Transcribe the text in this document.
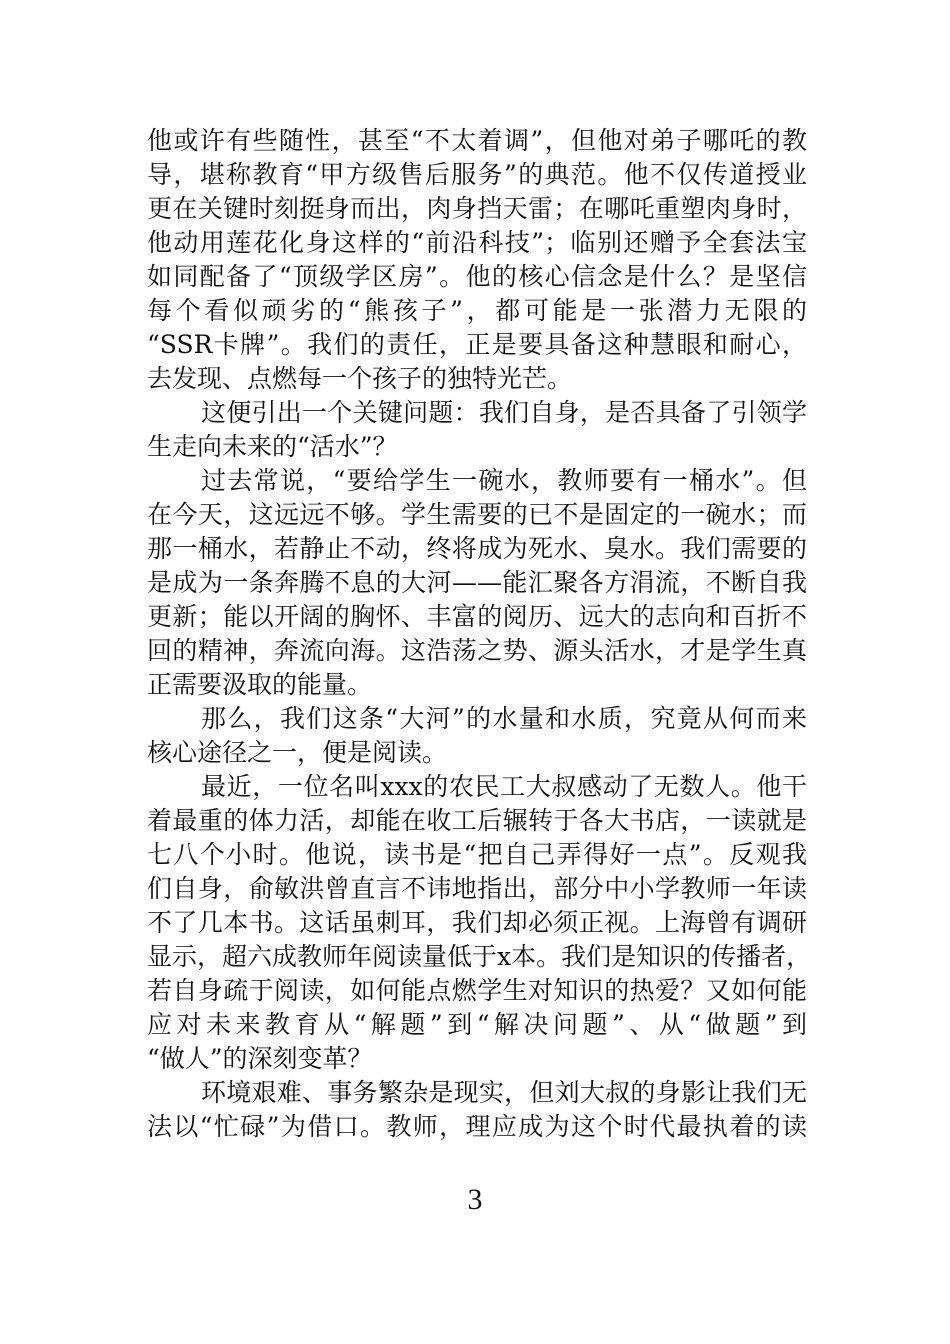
他或许有些随性，甚至“不太着调”，但他对弟子哪吒的教
导，堪称教育“甲方级售后服务”的典范。他不仅传道授业
更在关键时刻挺身而出，肉身挡天雷；在哪吒重塑肉身时，
他动用莲花化身这样的“前沿科技”；临别还赠予全套法宝
如同配备了“顶级学区房”。他的核心信念是什么？是坚信
每个看似顽劣的“熊孩子”，都可能是一张潜力无限的
“SSR卡牌”。我们的责任，正是要具备这种慧眼和耐心，
去发现、点燃每一个孩子的独特光芒。
这便引出一个关键问题：我们自身，是否具备了引领学
生走向未来的“活水”？
过去常说，“要给学生一碗水，教师要有一桶水”。但
在今天，这远远不够。学生需要的已不是固定的一碗水；而
那一桶水，若静止不动，终将成为死水、臭水。我们需要的
是成为一条奔腾不息的大河——能汇聚各方涓流，不断自我
更新；能以开阔的胸怀、丰富的阅历、远大的志向和百折不
回的精神，奔流向海。这浩荡之势、源头活水，才是学生真
正需要汲取的能量。
那么，我们这条“大河”的水量和水质，究竟从何而来
核心途径之一，便是阅读。
最近，一位名叫xxx的农民工大叔感动了无数人。他干
着最重的体力活，却能在收工后辗转于各大书店，一读就是
七八个小时。他说，读书是“把自己弄得好一点”。反观我
们自身，俞敏洪曾直言不讳地指出，部分中小学教师一年读
不了几本书。这话虽刺耳，我们却必须正视。上海曾有调研
显示，超六成教师年阅读量低于x本。我们是知识的传播者，
若自身疏于阅读，如何能点燃学生对知识的热爱？又如何能
应对未来教育从“解题”到“解决问题”、从“做题”到
“做人”的深刻变革？
环境艰难、事务繁杂是现实，但刘大叔的身影让我们无
法以“忙碌”为借口。教师，理应成为这个时代最执着的读
3
